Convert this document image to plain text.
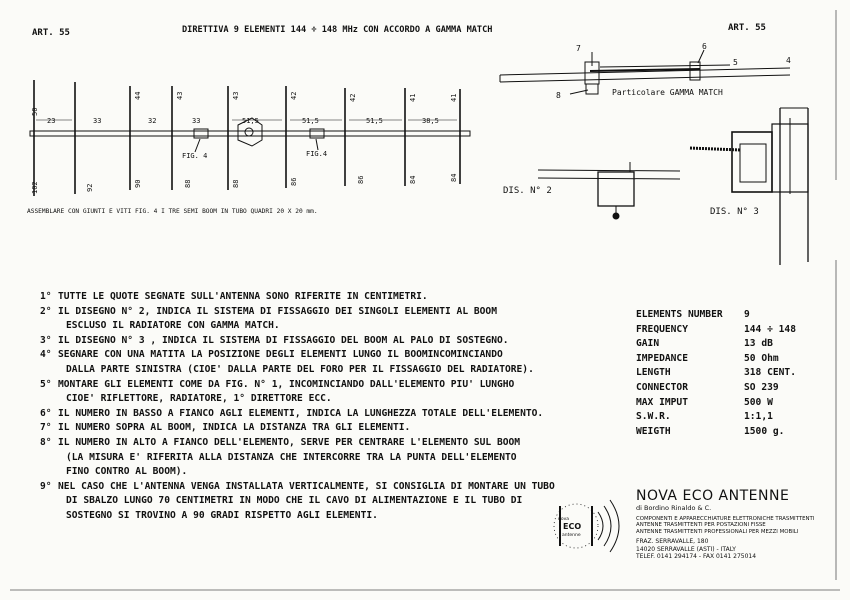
ART. 55	DIRETTIVA 9 ELEMENTI 144 ÷ 148 MHz CON ACCORDO A GAMMA MATCH	ART. 55
50
44	43	43	42	42	41	41
23	33	32	33	51,5	51,5	51,5	38,5
102	92	90	88	88	86	86	84	84
FIG. 4	FIG.4
ASSEMBLARE CON GIUNTI E VITI FIG. 4 I TRE SEMI BOOM IN TUBO QUADRI 20 X 20 mm.
7	6
5	4
8	Particolare GAMMA MATCH
DIS. N° 2
DIS. N° 3
1° TUTTE LE QUOTE SEGNATE SULL'ANTENNA SONO RIFERITE IN CENTIMETRI.
2° IL DISEGNO N° 2, INDICA IL SISTEMA DI FISSAGGIO DEI SINGOLI ELEMENTI AL BOOM
ESCLUSO IL RADIATORE CON GAMMA MATCH.
3° IL DISEGNO N° 3 , INDICA IL SISTEMA DI FISSAGGIO DEL BOOM AL PALO DI SOSTEGNO.
4° SEGNARE CON UNA MATITA LA POSIZIONE DEGLI ELEMENTI LUNGO IL BOOMINCOMINCIANDO
DALLA PARTE SINISTRA (CIOE' DALLA PARTE DEL FORO PER IL FISSAGGIO DEL RADIATORE).
5° MONTARE GLI ELEMENTI COME DA FIG. N° 1, INCOMINCIANDO DALL'ELEMENTO PIU' LUNGHO
CIOE' RIFLETTORE, RADIATORE, 1° DIRETTORE ECC.
6° IL NUMERO IN BASSO A FIANCO AGLI ELEMENTI, INDICA LA LUNGHEZZA TOTALE DELL'ELEMENTO.
7° IL NUMERO SOPRA AL BOOM, INDICA LA DISTANZA TRA GLI ELEMENTI.
8° IL NUMERO IN ALTO A FIANCO DELL'ELEMENTO, SERVE PER CENTRARE L'ELEMENTO SUL BOOM
(LA MISURA E' RIFERITA ALLA DISTANZA CHE INTERCORRE TRA LA PUNTA DELL'ELEMENTO
FINO CONTRO AL BOOM).
9° NEL CASO CHE L'ANTENNA VENGA INSTALLATA VERTICALMENTE, SI CONSIGLIA DI MONTARE UN TUBO
DI SBALZO LUNGO 70 CENTIMETRI IN MODO CHE IL CAVO DI ALIMENTAZIONE E IL TUBO DI
SOSTEGNO SI TROVINO A 90 GRADI RISPETTO AGLI ELEMENTI.
ELEMENTS NUMBER	9
FREQUENCY	144 ÷ 148
GAIN	13 dB
IMPEDANCE	50 Ohm
LENGTH	318 CENT.
CONNECTOR	SO 239
MAX IMPUT	500 W
S.W.R.	1:1,1
WEIGTH	1500 g.
nova
ECO
antenne
NOVA ECO ANTENNE
di Bordino Rinaldo & C.
COMPONENTI E APPARECCHIATURE ELETTRONICHE TRASMITTENTI
ANTENNE TRASMITTENTI PER POSTAZIONI FISSE
ANTENNE TRASMITTENTI PROFESSIONALI PER MEZZI MOBILI
FRAZ. SERRAVALLE, 180
14020 SERRAVALLE (ASTI) - ITALY
TELEF. 0141 294174 - FAX 0141 275014
